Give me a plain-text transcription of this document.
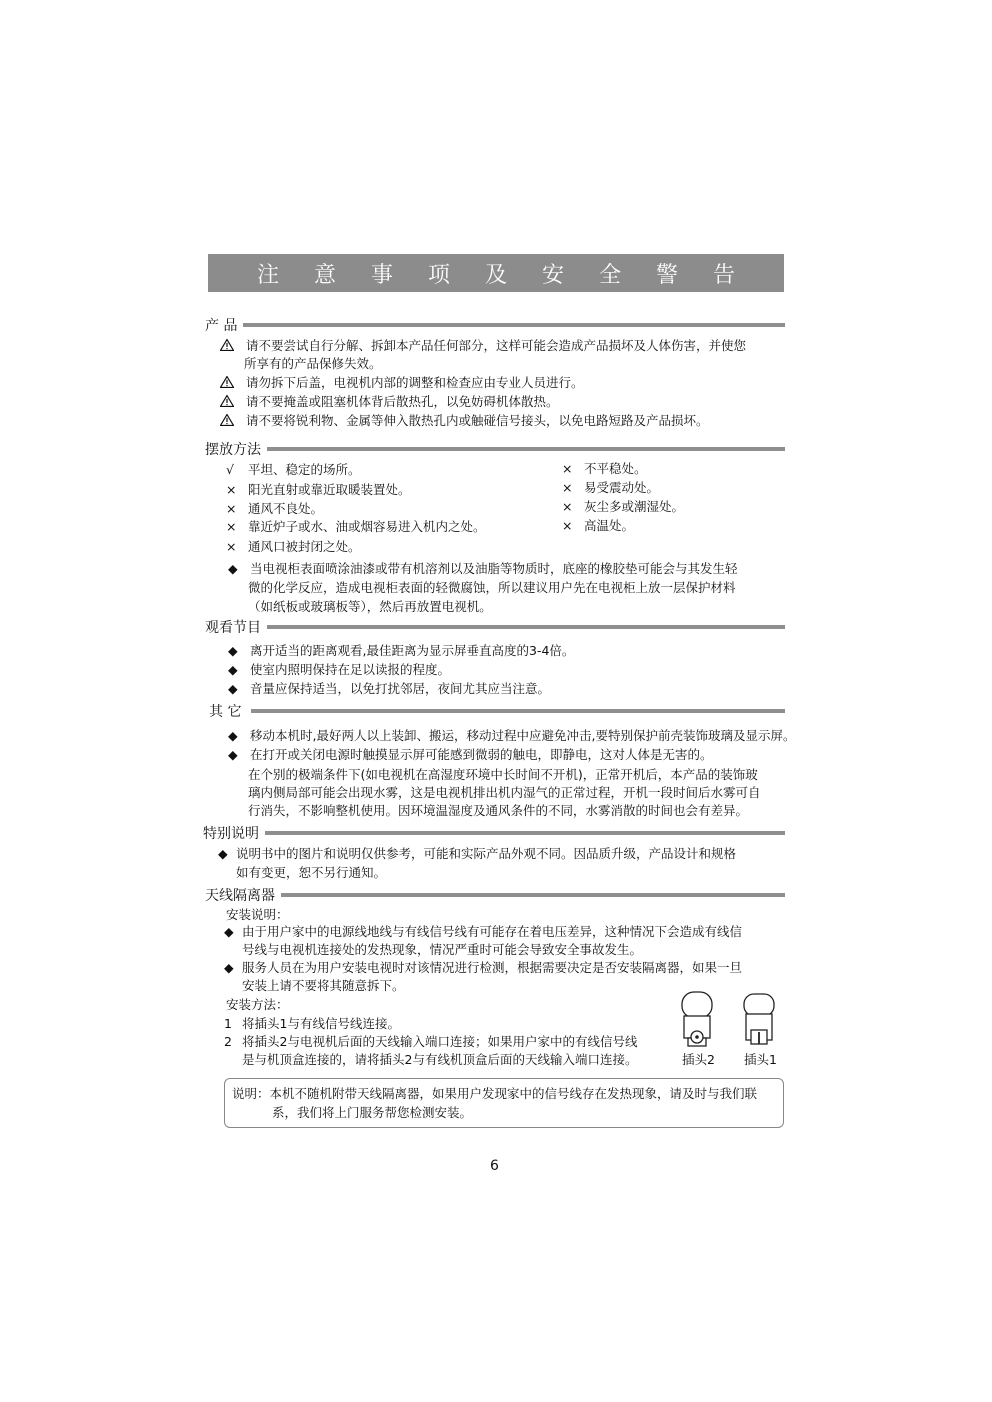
注 意 事 项 及 安 全 警 告
产 品
请不要尝试自行分解、拆卸本产品任何部分，这样可能会造成产品损坏及人体伤害，并使您
所享有的产品保修失效。
请勿拆下后盖，电视机内部的调整和检查应由专业人员进行。
请不要掩盖或阻塞机体背后散热孔，以免妨碍机体散热。
请不要将锐利物、金属等伸入散热孔内或触碰信号接头，以免电路短路及产品损坏。
摆放方法
√ 平坦、稳定的场所。
× 阳光直射或靠近取暖装置处。
× 通风不良处。
× 靠近炉子或水、油或烟容易进入机内之处。
× 通风口被封闭之处。
× 不平稳处。
× 易受震动处。
× 灰尘多或潮湿处。
× 高温处。
◆ 当电视柜表面喷涂油漆或带有机溶剂以及油脂等物质时，底座的橡胶垫可能会与其发生轻
微的化学反应，造成电视柜表面的轻微腐蚀，所以建议用户先在电视柜上放一层保护材料
（如纸板或玻璃板等），然后再放置电视机。
观看节目
◆ 离开适当的距离观看,最佳距离为显示屏垂直高度的3-4倍。
◆ 使室内照明保持在足以读报的程度。
◆ 音量应保持适当，以免打扰邻居，夜间尤其应当注意。
其 它
◆ 移动本机时,最好两人以上装卸、搬运，移动过程中应避免冲击,要特别保护前壳装饰玻璃及显示屏。
◆ 在打开或关闭电源时触摸显示屏可能感到微弱的触电，即静电，这对人体是无害的。
在个别的极端条件下(如电视机在高湿度环境中长时间不开机)，正常开机后，本产品的装饰玻
璃内侧局部可能会出现水雾，这是电视机排出机内湿气的正常过程，开机一段时间后水雾可自
行消失，不影响整机使用。因环境温湿度及通风条件的不同，水雾消散的时间也会有差异。
特别说明
◆ 说明书中的图片和说明仅供参考，可能和实际产品外观不同。因品质升级，产品设计和规格
如有变更，恕不另行通知。
天线隔离器
安装说明：
◆ 由于用户家中的电源线地线与有线信号线有可能存在着电压差异，这种情况下会造成有线信
号线与电视机连接处的发热现象，情况严重时可能会导致安全事故发生。
◆ 服务人员在为用户安装电视时对该情况进行检测，根据需要决定是否安装隔离器，如果一旦
安装上请不要将其随意拆下。
安装方法：
1 将插头1与有线信号线连接。
2 将插头2与电视机后面的天线输入端口连接；如果用户家中的有线信号线
是与机顶盒连接的，请将插头2与有线机顶盒后面的天线输入端口连接。	插头2 插头1
说明：本机不随机附带天线隔离器，如果用户发现家中的信号线存在发热现象，请及时与我们联
系，我们将上门服务帮您检测安装。
6
